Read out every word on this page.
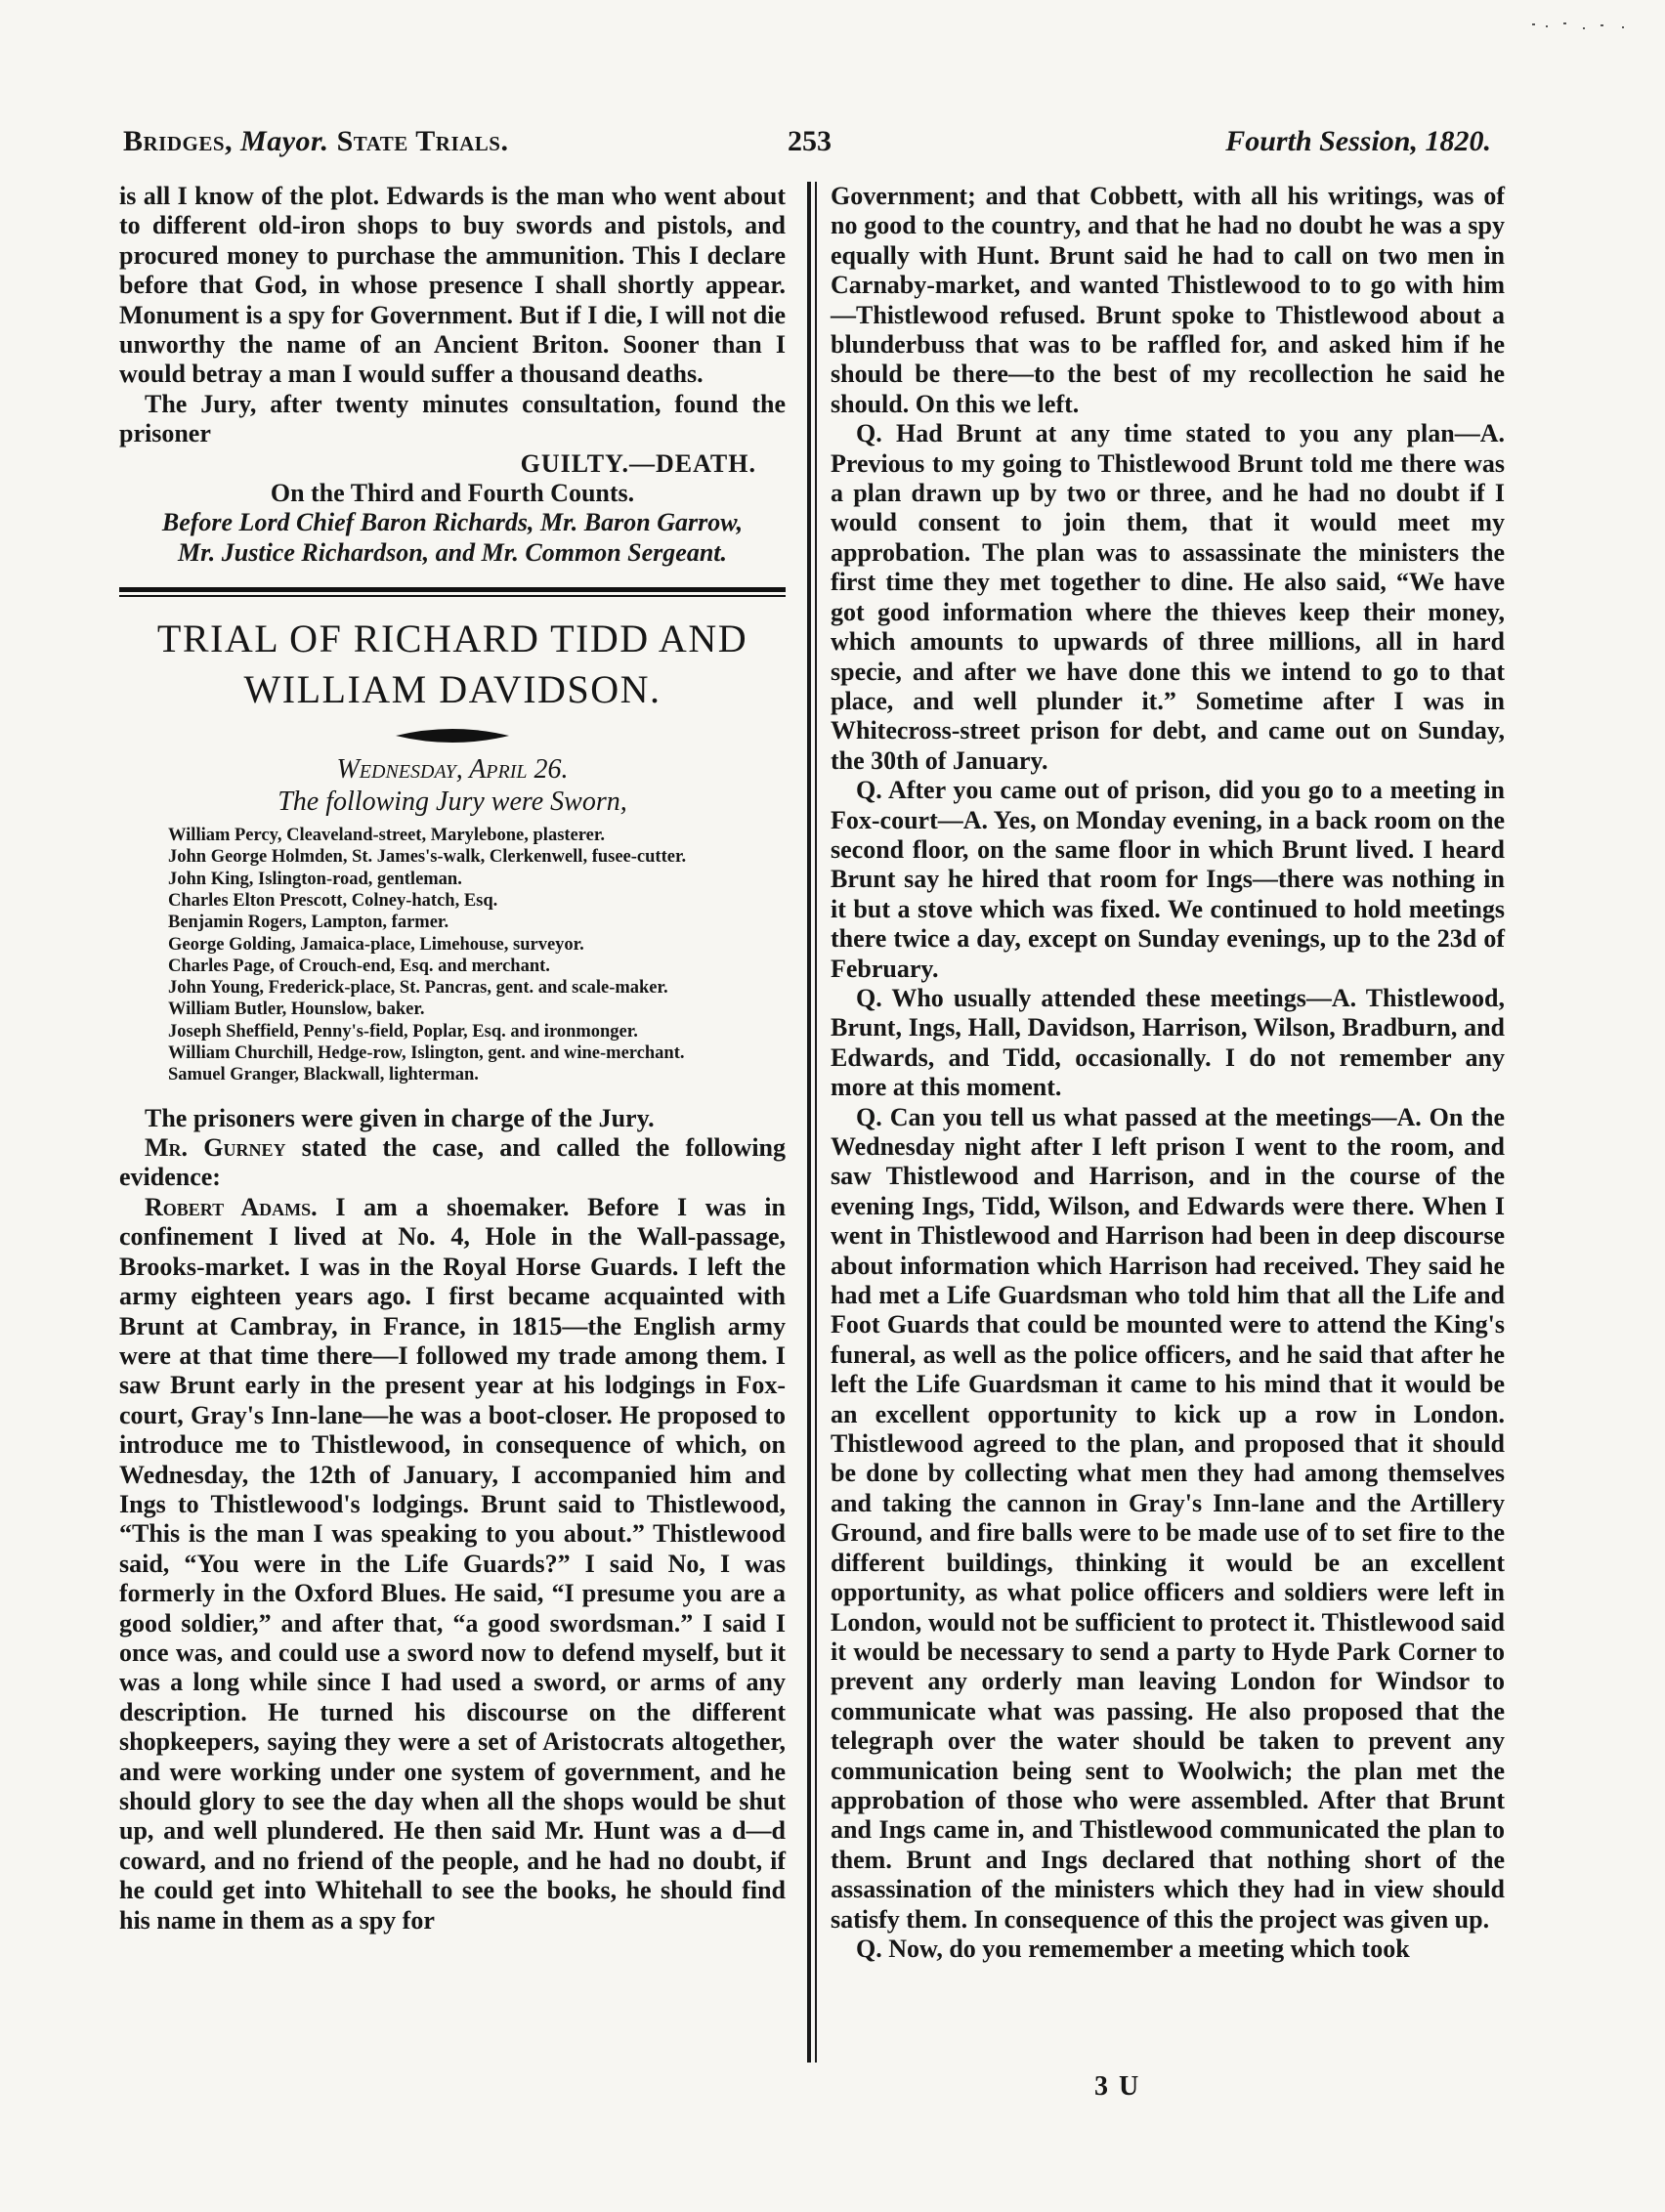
Bridges, Mayor. State Trials.	253	Fourth Session, 1820.

is all I know of the plot. Edwards is the man who went about to different old-iron shops to buy swords and pistols, and procured money to purchase the ammunition. This I declare before that God, in whose presence I shall shortly appear. Monument is a spy for Government. But if I die, I will not die unworthy the name of an Ancient Briton. Sooner than I would betray a man I would suffer a thousand deaths.

The Jury, after twenty minutes consultation, found the prisoner

GUILTY.—DEATH.
On the Third and Fourth Counts.
Before Lord Chief Baron Richards, Mr. Baron Garrow,
Mr. Justice Richardson, and Mr. Common Sergeant.
TRIAL OF RICHARD TIDD AND
WILLIAM DAVIDSON.
Wednesday, April 26.
The following Jury were Sworn,
William Percy, Cleaveland-street, Marylebone, plasterer.
John George Holmden, St. James's-walk, Clerkenwell, fusee-cutter.
John King, Islington-road, gentleman.
Charles Elton Prescott, Colney-hatch, Esq.
Benjamin Rogers, Lampton, farmer.
George Golding, Jamaica-place, Limehouse, surveyor.
Charles Page, of Crouch-end, Esq. and merchant.
John Young, Frederick-place, St. Pancras, gent. and scale-maker.
William Butler, Hounslow, baker.
Joseph Sheffield, Penny's-field, Poplar, Esq. and ironmonger.
William Churchill, Hedge-row, Islington, gent. and wine-merchant.
Samuel Granger, Blackwall, lighterman.

The prisoners were given in charge of the Jury.

Mr. Gurney stated the case, and called the following evidence:

Robert Adams. I am a shoemaker. Before I was in confinement I lived at No. 4, Hole in the Wall-passage, Brooks-market. I was in the Royal Horse Guards. I left the army eighteen years ago. I first became acquainted with Brunt at Cambray, in France, in 1815—the English army were at that time there—I followed my trade among them. I saw Brunt early in the present year at his lodgings in Fox-court, Gray's Inn-lane—he was a boot-closer. He proposed to introduce me to Thistlewood, in consequence of which, on Wednesday, the 12th of January, I accompanied him and Ings to Thistlewood's lodgings. Brunt said to Thistlewood, “This is the man I was speaking to you about.” Thistlewood said, “You were in the Life Guards?” I said No, I was formerly in the Oxford Blues. He said, “I presume you are a good soldier,” and after that, “a good swordsman.” I said I once was, and could use a sword now to defend myself, but it was a long while since I had used a sword, or arms of any description. He turned his discourse on the different shopkeepers, saying they were a set of Aristocrats altogether, and were working under one system of government, and he should glory to see the day when all the shops would be shut up, and well plundered. He then said Mr. Hunt was a d—d coward, and no friend of the people, and he had no doubt, if he could get into Whitehall to see the books, he should find his name in them as a spy for

Government; and that Cobbett, with all his writings, was of no good to the country, and that he had no doubt he was a spy equally with Hunt. Brunt said he had to call on two men in Carnaby-market, and wanted Thistlewood to to go with him—Thistlewood refused. Brunt spoke to Thistlewood about a blunderbuss that was to be raffled for, and asked him if he should be there—to the best of my recollection he said he should. On this we left.

Q. Had Brunt at any time stated to you any plan—A. Previous to my going to Thistlewood Brunt told me there was a plan drawn up by two or three, and he had no doubt if I would consent to join them, that it would meet my approbation. The plan was to assassinate the ministers the first time they met together to dine. He also said, “We have got good information where the thieves keep their money, which amounts to upwards of three millions, all in hard specie, and after we have done this we intend to go to that place, and well plunder it.” Sometime after I was in Whitecross-street prison for debt, and came out on Sunday, the 30th of January.

Q. After you came out of prison, did you go to a meeting in Fox-court—A. Yes, on Monday evening, in a back room on the second floor, on the same floor in which Brunt lived. I heard Brunt say he hired that room for Ings—there was nothing in it but a stove which was fixed. We continued to hold meetings there twice a day, except on Sunday evenings, up to the 23d of February.

Q. Who usually attended these meetings—A. Thistlewood, Brunt, Ings, Hall, Davidson, Harrison, Wilson, Bradburn, and Edwards, and Tidd, occasionally. I do not remember any more at this moment.

Q. Can you tell us what passed at the meetings—A. On the Wednesday night after I left prison I went to the room, and saw Thistlewood and Harrison, and in the course of the evening Ings, Tidd, Wilson, and Edwards were there. When I went in Thistlewood and Harrison had been in deep discourse about information which Harrison had received. They said he had met a Life Guardsman who told him that all the Life and Foot Guards that could be mounted were to attend the King's funeral, as well as the police officers, and he said that after he left the Life Guardsman it came to his mind that it would be an excellent opportunity to kick up a row in London. Thistlewood agreed to the plan, and proposed that it should be done by collecting what men they had among themselves and taking the cannon in Gray's Inn-lane and the Artillery Ground, and fire balls were to be made use of to set fire to the different buildings, thinking it would be an excellent opportunity, as what police officers and soldiers were left in London, would not be sufficient to protect it. Thistlewood said it would be necessary to send a party to Hyde Park Corner to prevent any orderly man leaving London for Windsor to communicate what was passing. He also proposed that the telegraph over the water should be taken to prevent any communication being sent to Woolwich; the plan met the approbation of those who were assembled. After that Brunt and Ings came in, and Thistlewood communicated the plan to them. Brunt and Ings declared that nothing short of the assassination of the ministers which they had in view should satisfy them. In consequence of this the project was given up.

Q. Now, do you rememember a meeting which took

3 U
